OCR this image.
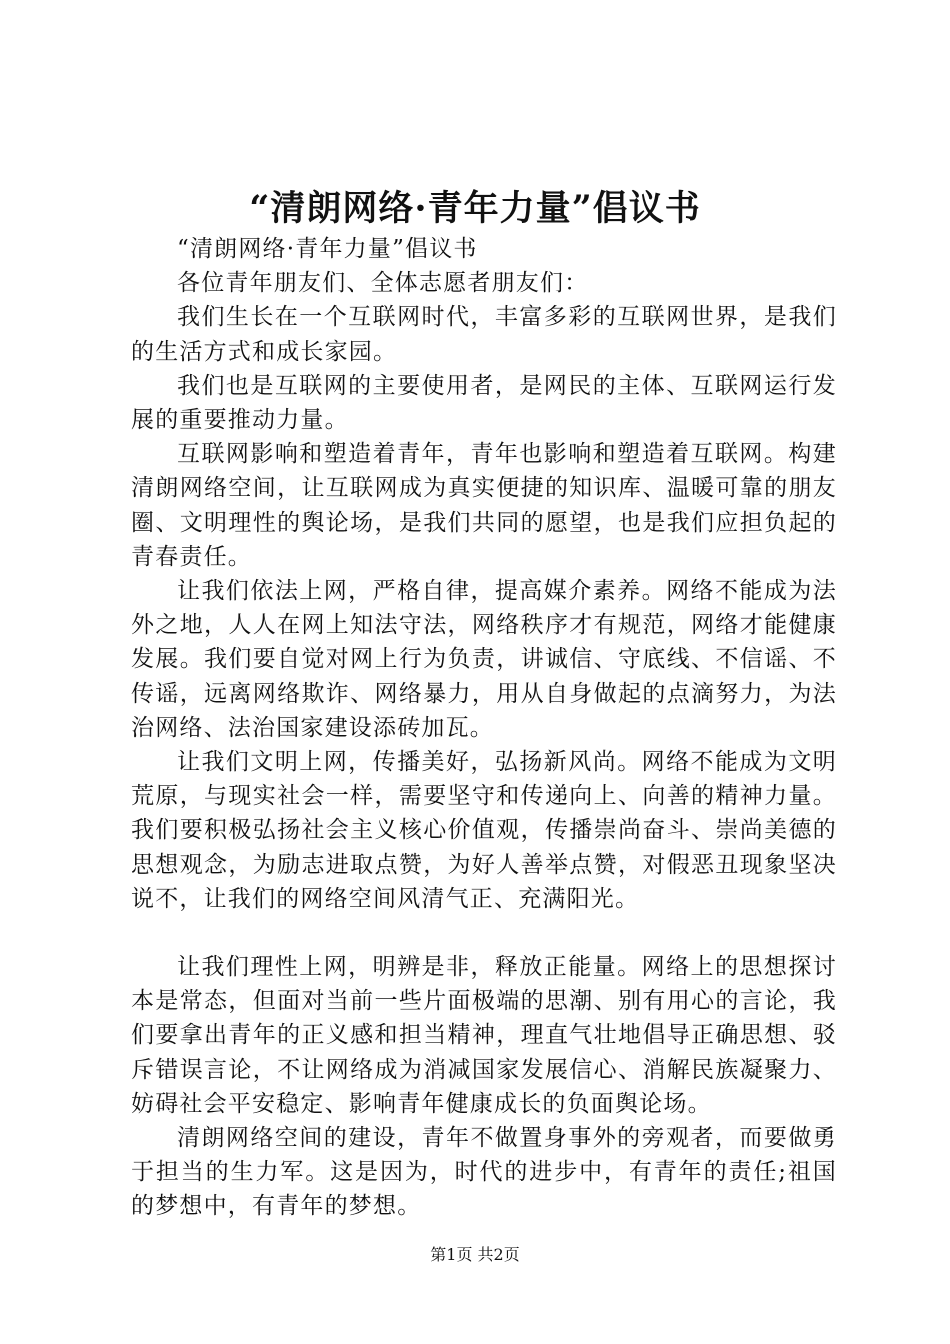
“清朗网络·青年力量”倡议书

“清朗网络·青年力量”倡议书

各位青年朋友们、全体志愿者朋友们：

我们生长在一个互联网时代，丰富多彩的互联网世界，是我们的生活方式和成长家园。

我们也是互联网的主要使用者，是网民的主体、互联网运行发展的重要推动力量。

互联网影响和塑造着青年，青年也影响和塑造着互联网。构建清朗网络空间，让互联网成为真实便捷的知识库、温暖可靠的朋友圈、文明理性的舆论场，是我们共同的愿望，也是我们应担负起的青春责任。

让我们依法上网，严格自律，提高媒介素养。网络不能成为法外之地，人人在网上知法守法，网络秩序才有规范，网络才能健康发展。我们要自觉对网上行为负责，讲诚信、守底线、不信谣、不传谣，远离网络欺诈、网络暴力，用从自身做起的点滴努力，为法治网络、法治国家建设添砖加瓦。

让我们文明上网，传播美好，弘扬新风尚。网络不能成为文明荒原，与现实社会一样，需要坚守和传递向上、向善的精神力量。我们要积极弘扬社会主义核心价值观，传播崇尚奋斗、崇尚美德的思想观念，为励志进取点赞，为好人善举点赞，对假恶丑现象坚决说不，让我们的网络空间风清气正、充满阳光。

让我们理性上网，明辨是非，释放正能量。网络上的思想探讨本是常态，但面对当前一些片面极端的思潮、别有用心的言论，我们要拿出青年的正义感和担当精神，理直气壮地倡导正确思想、驳斥错误言论，不让网络成为消减国家发展信心、消解民族凝聚力、妨碍社会平安稳定、影响青年健康成长的负面舆论场。

清朗网络空间的建设，青年不做置身事外的旁观者，而要做勇于担当的生力军。这是因为，时代的进步中，有青年的责任;祖国的梦想中，有青年的梦想。

第1页 共2页
